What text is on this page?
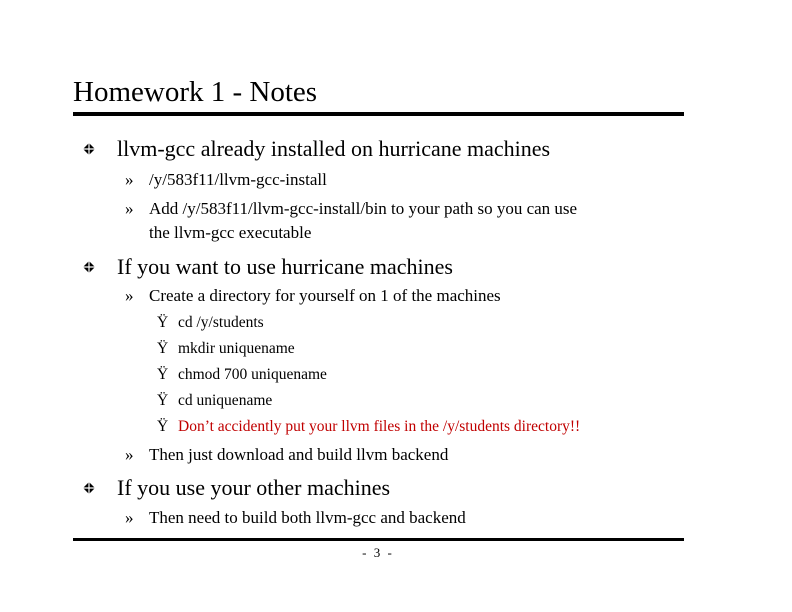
Homework 1 - Notes
llvm-gcc already installed on hurricane machines
» /y/583f11/llvm-gcc-install
» Add /y/583f11/llvm-gcc-install/bin to your path so you can use
the llvm-gcc executable
If you want to use hurricane machines
» Create a directory for yourself on 1 of the machines
Ÿ cd /y/students
Ÿ mkdir uniquename
Ÿ chmod 700 uniquename
Ÿ cd uniquename
Ÿ Don’t accidently put your llvm files in the /y/students directory!!
» Then just download and build llvm backend
If you use your other machines
» Then need to build both llvm-gcc and backend
- 3 -
